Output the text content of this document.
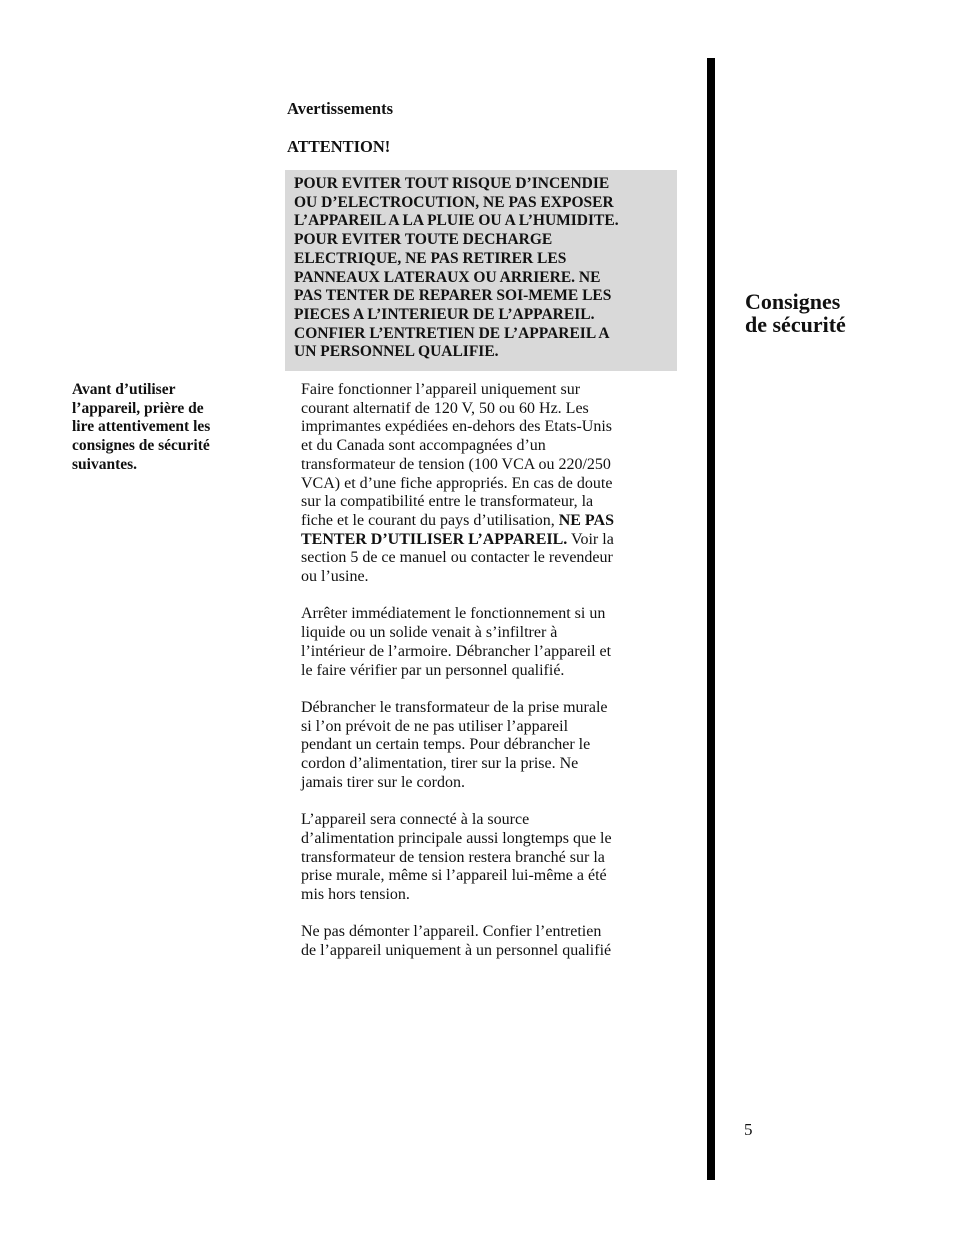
Avertissements
ATTENTION!

POUR EVITER TOUT RISQUE D’INCENDIE
OU D’ELECTROCUTION, NE PAS EXPOSER
L’APPAREIL A LA PLUIE OU A L’HUMIDITE.
POUR EVITER TOUTE DECHARGE
ELECTRIQUE, NE PAS RETIRER LES
PANNEAUX LATERAUX OU ARRIERE. NE
PAS TENTER DE REPARER SOI-MEME LES
PIECES A L’INTERIEUR DE L’APPAREIL.
CONFIER L’ENTRETIEN DE L’APPAREIL A
UN PERSONNEL QUALIFIE.

Avant d’utiliser
l’appareil, prière de
lire attentivement les
consignes de sécurité
suivantes.

Faire fonctionner l’appareil uniquement sur
courant alternatif de 120 V, 50 ou 60 Hz. Les
imprimantes expédiées en-dehors des Etats-Unis
et du Canada sont accompagnées d’un
transformateur de tension (100 VCA ou 220/250
VCA) et d’une fiche appropriés. En cas de doute
sur la compatibilité entre le transformateur, la
fiche et le courant du pays d’utilisation, NE PAS
TENTER D’UTILISER L’APPAREIL. Voir la
section 5 de ce manuel ou contacter le revendeur
ou l’usine.

Arrêter immédiatement le fonctionnement si un
liquide ou un solide venait à s’infiltrer à
l’intérieur de l’armoire. Débrancher l’appareil et
le faire vérifier par un personnel qualifié.

Débrancher le transformateur de la prise murale
si l’on prévoit de ne pas utiliser l’appareil
pendant un certain temps. Pour débrancher le
cordon d’alimentation, tirer sur la prise. Ne
jamais tirer sur le cordon.

L’appareil sera connecté à la source
d’alimentation principale aussi longtemps que le
transformateur de tension restera branché sur la
prise murale, même si l’appareil lui-même a été
mis hors tension.

Ne pas démonter l’appareil. Confier l’entretien
de l’appareil uniquement à un personnel qualifié

Consignes
de sécurité

5
